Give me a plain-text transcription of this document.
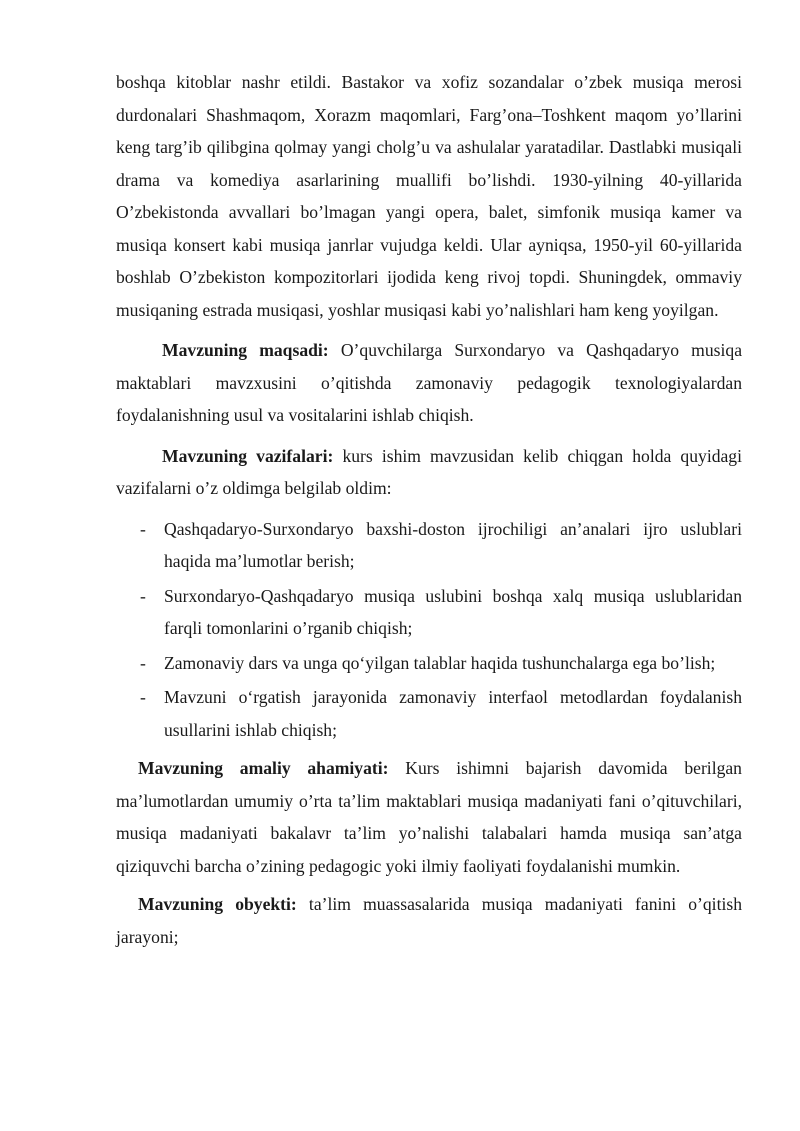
boshqa kitoblar nashr etildi. Bastakor va xofiz sozandalar o’zbek musiqa merosi durdonalari Shashmaqom, Xorazm maqomlari, Farg’ona–Toshkent maqom yo’llarini keng targ’ib qilibgina qolmay yangi cholg’u va ashulalar yaratadilar. Dastlabki musiqali drama va komediya asarlarining muallifi bo’lishdi. 1930-yilning 40-yillarida O’zbekistonda avvallari bo’lmagan yangi opera, balet, simfonik musiqa kamer va musiqa konsert kabi musiqa janrlar vujudga keldi. Ular ayniqsa, 1950-yil 60-yillarida boshlab O’zbekiston kompozitorlari ijodida keng rivoj topdi. Shuningdek, ommaviy musiqaning estrada musiqasi, yoshlar musiqasi kabi yo’nalishlari ham keng yoyilgan.

Mavzuning maqsadi: O’quvchilarga Surxondaryo va Qashqadaryo musiqa maktablari mavzxusini o’qitishda zamonaviy pedagogik texnologiyalardan foydalanishning usul va vositalarini ishlab chiqish.

Mavzuning vazifalari: kurs ishim mavzusidan kelib chiqgan holda quyidagi vazifalarni o’z oldimga belgilab oldim:

- Qashqadaryo-Surxondaryo baxshi-doston ijrochiligi an’analari ijro uslublari haqida ma’lumotlar berish;
- Surxondaryo-Qashqadaryo musiqa uslubini boshqa xalq musiqa uslublaridan farqli tomonlarini o’rganib chiqish;
- Zamonaviy dars va unga qo‘yilgan talablar haqida tushunchalarga ega bo’lish;
- Mavzuni o‘rgatish jarayonida zamonaviy interfaol metodlardan foydalanish usullarini ishlab chiqish;

Mavzuning amaliy ahamiyati: Kurs ishimni bajarish davomida berilgan ma’lumotlardan umumiy o’rta ta’lim maktablari musiqa madaniyati fani o’qituvchilari, musiqa madaniyati bakalavr ta’lim yo’nalishi talabalari hamda musiqa san’atga qiziquvchi barcha o’zining pedagogic yoki ilmiy faoliyati foydalanishi mumkin.

Mavzuning obyekti: ta’lim muassasalarida musiqa madaniyati fanini o’qitish jarayoni;
